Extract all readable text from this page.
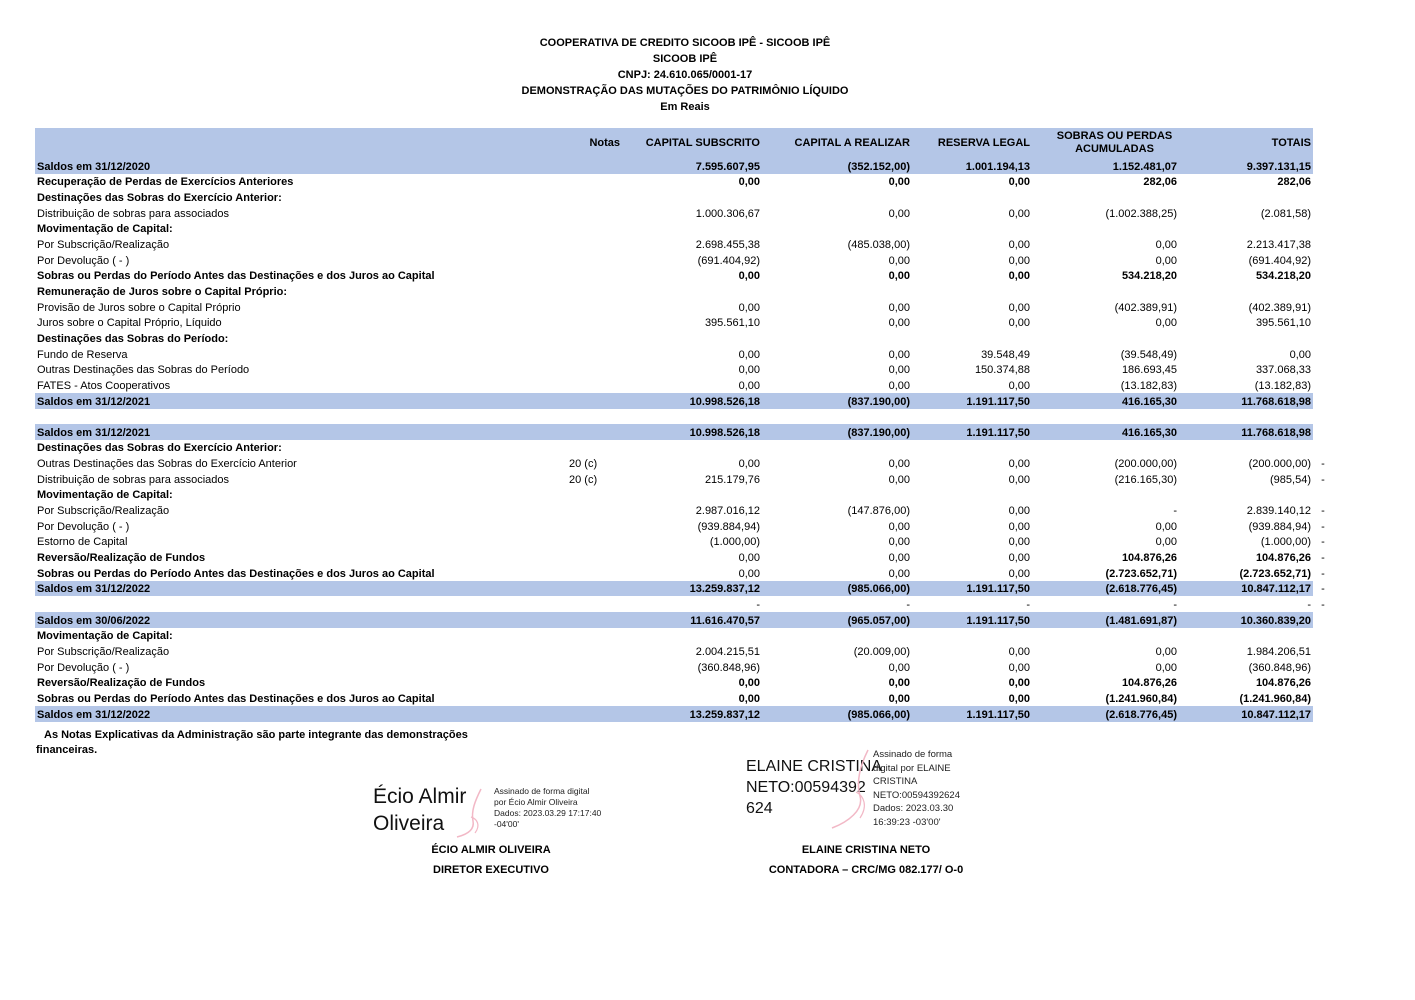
COOPERATIVA DE CREDITO SICOOB IPÊ - SICOOB IPÊ
SICOOB IPÊ
CNPJ: 24.610.065/0001-17
DEMONSTRAÇÃO DAS MUTAÇÕES DO PATRIMÔNIO LÍQUIDO
Em Reais
	Notas	CAPITAL SUBSCRITO	CAPITAL A REALIZAR	RESERVA LEGAL	SOBRAS OU PERDAS
ACUMULADAS	TOTAIS
Saldos em 31/12/2020		7.595.607,95	(352.152,00)	1.001.194,13	1.152.481,07	9.397.131,15
Recuperação de Perdas de Exercícios Anteriores		0,00	0,00	0,00	282,06	282,06
Destinações das Sobras do Exercício Anterior:						
Distribuição de sobras para associados		1.000.306,67	0,00	0,00	(1.002.388,25)	(2.081,58)
Movimentação de Capital:						
Por Subscrição/Realização		2.698.455,38	(485.038,00)	0,00	0,00	2.213.417,38
Por Devolução ( - )		(691.404,92)	0,00	0,00	0,00	(691.404,92)
Sobras ou Perdas do Período Antes das Destinações e dos Juros ao Capital		0,00	0,00	0,00	534.218,20	534.218,20
Remuneração de Juros sobre o Capital Próprio:						
Provisão de Juros sobre o Capital Próprio		0,00	0,00	0,00	(402.389,91)	(402.389,91)
Juros sobre o Capital Próprio, Líquido		395.561,10	0,00	0,00	0,00	395.561,10
Destinações das Sobras do Período:						
Fundo de Reserva		0,00	0,00	39.548,49	(39.548,49)	0,00
Outras Destinações das Sobras do Período		0,00	0,00	150.374,88	186.693,45	337.068,33
FATES - Atos Cooperativos		0,00	0,00	0,00	(13.182,83)	(13.182,83)
Saldos em 31/12/2021		10.998.526,18	(837.190,00)	1.191.117,50	416.165,30	11.768.618,98

Saldos em 31/12/2021		10.998.526,18	(837.190,00)	1.191.117,50	416.165,30	11.768.618,98
Destinações das Sobras do Exercício Anterior:						
Outras Destinações das Sobras do Exercício Anterior	20 (c)	0,00	0,00	0,00	(200.000,00)	(200.000,00) -

Distribuição de sobras para associados	20 (c)	215.179,76	0,00	0,00	(216.165,30)	(985,54) -

Movimentação de Capital:						
Por Subscrição/Realização		2.987.016,12	(147.876,00)	0,00	-	2.839.140,12 -

Por Devolução ( - )		(939.884,94)	0,00	0,00	0,00	(939.884,94) -

Estorno de Capital		(1.000,00)	0,00	0,00	0,00	(1.000,00) -

Reversão/Realização de Fundos		0,00	0,00	0,00	104.876,26	104.876,26 -

Sobras ou Perdas do Período Antes das Destinações e dos Juros ao Capital		0,00	0,00	0,00	(2.723.652,71)	(2.723.652,71) -

Saldos em 31/12/2022		13.259.837,12	(985.066,00)	1.191.117,50	(2.618.776,45)	10.847.112,17 -

		-	-	-	-	- -

Saldos em 30/06/2022		11.616.470,57	(965.057,00)	1.191.117,50	(1.481.691,87)	10.360.839,20
Movimentação de Capital:						
Por Subscrição/Realização		2.004.215,51	(20.009,00)	0,00	0,00	1.984.206,51
Por Devolução ( - )		(360.848,96)	0,00	0,00	0,00	(360.848,96)
Reversão/Realização de Fundos		0,00	0,00	0,00	104.876,26	104.876,26
Sobras ou Perdas do Período Antes das Destinações e dos Juros ao Capital		0,00	0,00	0,00	(1.241.960,84)	(1.241.960,84)
Saldos em 31/12/2022		13.259.837,12	(985.066,00)	1.191.117,50	(2.618.776,45)	10.847.112,17
As Notas Explicativas da Administração são parte integrante das demonstrações financeiras.
Écio Almir
Oliveira
Assinado de forma digital
por Écio Almir Oliveira
Dados: 2023.03.29 17:17:40
-04'00'
ELAINE CRISTINA
NETO:00594392
624
Assinado de forma
digital por ELAINE
CRISTINA
NETO:00594392624
Dados: 2023.03.30
16:39:23 -03'00'
ÉCIO ALMIR OLIVEIRA
DIRETOR EXECUTIVO
ELAINE CRISTINA NETO
CONTADORA – CRC/MG 082.177/ O-0
